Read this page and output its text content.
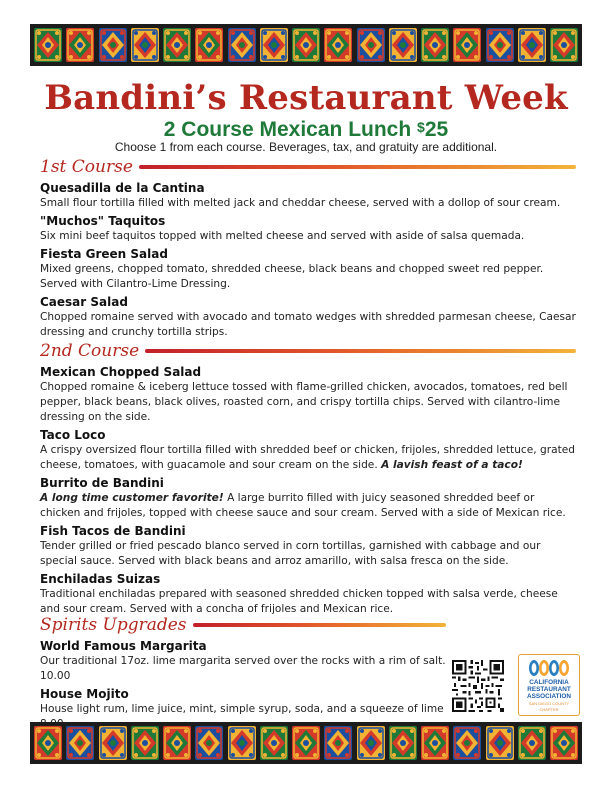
Bandini’s Restaurant Week
2 Course Mexican Lunch $25
Choose 1 from each course. Beverages, tax, and gratuity are additional.
1st Course
Quesadilla de la Cantina
Small flour tortilla filled with melted jack and cheddar cheese, served with a dollop of sour cream.
"Muchos" Taquitos
Six mini beef taquitos topped with melted cheese and served with aside of salsa quemada.
Fiesta Green Salad
Mixed greens, chopped tomato, shredded cheese, black beans and chopped sweet red pepper. Served with Cilantro-Lime Dressing.
Caesar Salad
Chopped romaine served with avocado and tomato wedges with shredded parmesan cheese, Caesar dressing and crunchy tortilla strips.
2nd Course
Mexican Chopped Salad
Chopped romaine & iceberg lettuce tossed with flame-grilled chicken, avocados, tomatoes, red bell pepper, black beans, black olives, roasted corn, and crispy tortilla chips. Served with cilantro-lime dressing on the side.
Taco Loco
A crispy oversized flour tortilla filled with shredded beef or chicken, frijoles, shredded lettuce, grated cheese, tomatoes, with guacamole and sour cream on the side. A lavish feast of a taco!
Burrito de Bandini
A long time customer favorite! A large burrito filled with juicy seasoned shredded beef or chicken and frijoles, topped with cheese sauce and sour cream. Served with a side of Mexican rice.
Fish Tacos de Bandini
Tender grilled or fried pescado blanco served in corn tortillas, garnished with cabbage and our special sauce. Served with black beans and arroz amarillo, with salsa fresca on the side.
Enchiladas Suizas
Traditional enchiladas prepared with seasoned shredded chicken topped with salsa verde, cheese and sour cream. Served with a concha of frijoles and Mexican rice.
Spirits Upgrades
World Famous Margarita
Our traditional 17oz. lime margarita served over the rocks with a rim of salt. 10.00
House Mojito
House light rum, lime juice, mint, simple syrup, soda, and a squeeze of lime
CALIFORNIA
RESTAURANT
ASSOCIATION
SAN DIEGO COUNTY CHAPTER
